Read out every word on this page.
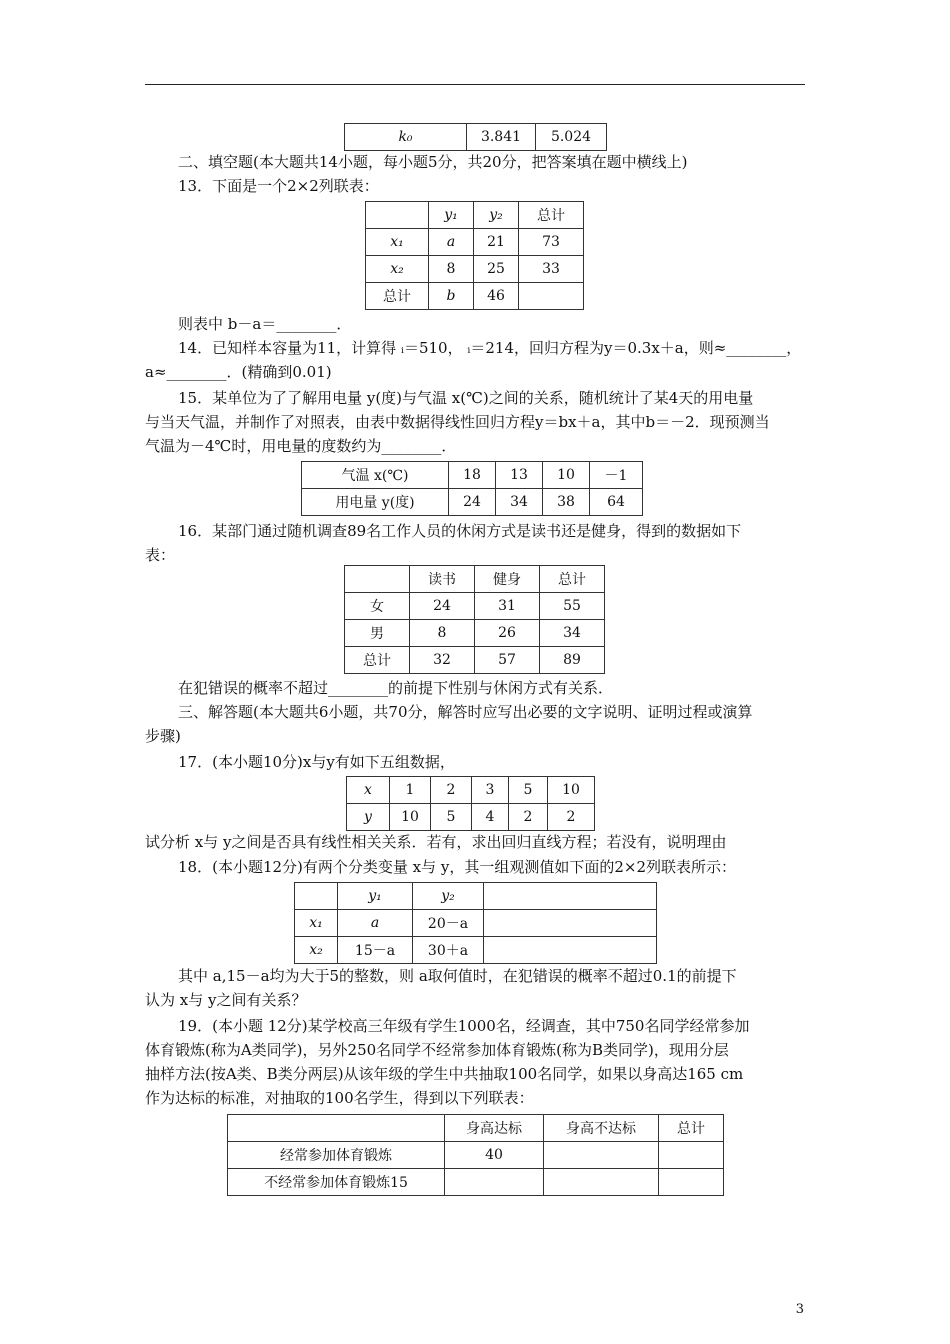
k₀	3.841	5.024
二、填空题(本大题共14小题，每小题5分，共20分，把答案填在题中横线上)
13．下面是一个2×2列联表：
	y₁	y₂	总计
x₁	a	21	73
x₂	8	25	33
总计	b	46	
则表中 b－a＝________．
14．已知样本容量为11，计算得 ᵢ＝510， ᵢ＝214，回归方程为y＝0.3x＋a，则≈________，
a≈________．(精确到0.01)
15．某单位为了了解用电量 y(度)与气温 x(℃)之间的关系，随机统计了某4天的用电量
与当天气温，并制作了对照表，由表中数据得线性回归方程y＝bx＋a，其中b＝－2．现预测当
气温为－4℃时，用电量的度数约为________．
气温 x(℃)	18	13	10	－1
用电量 y(度)	24	34	38	64
16．某部门通过随机调查89名工作人员的休闲方式是读书还是健身，得到的数据如下
表：
	读书	健身	总计
女	24	31	55
男	8	26	34
总计	32	57	89
在犯错误的概率不超过________的前提下性别与休闲方式有关系．
三、解答题(本大题共6小题，共70分，解答时应写出必要的文字说明、证明过程或演算
步骤)
17．(本小题10分)x与y有如下五组数据，
x	1	2	3	5	10
y	10	5	4	2	2
试分析 x与 y之间是否具有线性相关关系．若有，求出回归直线方程；若没有，说明理由
18．(本小题12分)有两个分类变量 x与 y，其一组观测值如下面的2×2列联表所示：
	y₁	y₂	
x₁	a	20－a	
x₂	15－a	30＋a	
其中 a,15－a均为大于5的整数，则 a取何值时，在犯错误的概率不超过0.1的前提下
认为 x与 y之间有关系？
19．(本小题 12分)某学校高三年级有学生1000名，经调查，其中750名同学经常参加
体育锻炼(称为A类同学)，另外250名同学不经常参加体育锻炼(称为B类同学)，现用分层
抽样方法(按A类、B类分两层)从该年级的学生中共抽取100名同学，如果以身高达165 cm
作为达标的标准，对抽取的100名学生，得到以下列联表：
	身高达标	身高不达标	总计
经常参加体育锻炼	40		
不经常参加体育锻炼15			
3
